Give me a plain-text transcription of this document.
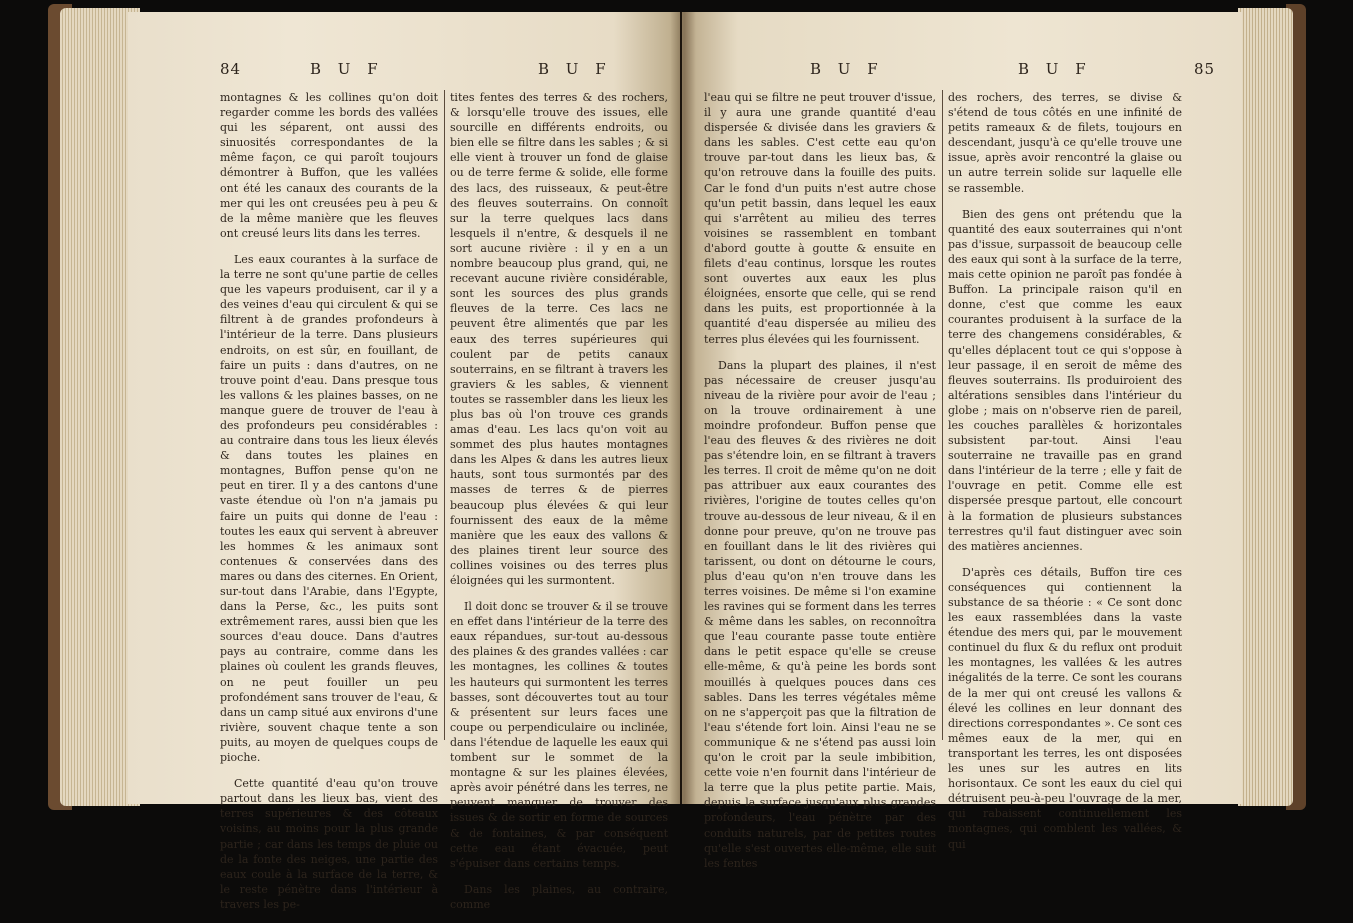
84	B U F	B U F

montagnes & les collines qu'on doit regarder comme les bords des vallées qui les séparent, ont aussi des sinuosités correspondantes de la même façon, ce qui paroît toujours démontrer à Buffon, que les vallées ont été les canaux des courants de la mer qui les ont creusées peu à peu & de la même manière que les fleuves ont creusé leurs lits dans les terres.

Les eaux courantes à la surface de la terre ne sont qu'une partie de celles que les vapeurs produisent, car il y a des veines d'eau qui circulent & qui se filtrent à de grandes profondeurs à l'intérieur de la terre. Dans plusieurs endroits, on est sûr, en fouillant, de faire un puits : dans d'autres, on ne trouve point d'eau. Dans presque tous les vallons & les plaines basses, on ne manque guere de trouver de l'eau à des profondeurs peu considérables : au contraire dans tous les lieux élevés & dans toutes les plaines en montagnes, Buffon pense qu'on ne peut en tirer. Il y a des cantons d'une vaste étendue où l'on n'a jamais pu faire un puits qui donne de l'eau : toutes les eaux qui servent à abreuver les hommes & les animaux sont contenues & conservées dans des mares ou dans des citernes. En Orient, sur-tout dans l'Arabie, dans l'Egypte, dans la Perse, &c., les puits sont extrêmement rares, aussi bien que les sources d'eau douce. Dans d'autres pays au contraire, comme dans les plaines où coulent les grands fleuves, on ne peut fouiller un peu profondément sans trouver de l'eau, & dans un camp situé aux environs d'une rivière, souvent chaque tente a son puits, au moyen de quelques coups de pioche.

Cette quantité d'eau qu'on trouve partout dans les lieux bas, vient des terres supérieures & des côteaux voisins, au moins pour la plus grande partie ; car dans les temps de pluie ou de la fonte des neiges, une partie des eaux coule à la surface de la terre, & le reste pénètre dans l'intérieur à travers les pe-

tites fentes des terres & des rochers, & lorsqu'elle trouve des issues, elle sourcille en différents endroits, ou bien elle se filtre dans les sables ; & si elle vient à trouver un fond de glaise ou de terre ferme & solide, elle forme des lacs, des ruisseaux, & peut-être des fleuves souterrains. On connoît sur la terre quelques lacs dans lesquels il n'entre, & desquels il ne sort aucune rivière : il y en a un nombre beaucoup plus grand, qui, ne recevant aucune rivière considérable, sont les sources des plus grands fleuves de la terre. Ces lacs ne peuvent être alimentés que par les eaux des terres supérieures qui coulent par de petits canaux souterrains, en se filtrant à travers les graviers & les sables, & viennent toutes se rassembler dans les lieux les plus bas où l'on trouve ces grands amas d'eau. Les lacs qu'on voit au sommet des plus hautes montagnes dans les Alpes & dans les autres lieux hauts, sont tous surmontés par des masses de terres & de pierres beaucoup plus élevées & qui leur fournissent des eaux de la même manière que les eaux des vallons & des plaines tirent leur source des collines voisines ou des terres plus éloignées qui les surmontent.

Il doit donc se trouver & il se trouve en effet dans l'intérieur de la terre des eaux répandues, sur-tout au-dessous des plaines & des grandes vallées : car les montagnes, les collines & toutes les hauteurs qui surmontent les terres basses, sont découvertes tout au tour & présentent sur leurs faces une coupe ou perpendiculaire ou inclinée, dans l'étendue de laquelle les eaux qui tombent sur le sommet de la montagne & sur les plaines élevées, après avoir pénétré dans les terres, ne peuvent manquer de trouver des issues & de sortir en forme de sources & de fontaines, & par conséquent cette eau étant évacuée, peut s'épuiser dans certains temps.

Dans les plaines, au contraire, comme

B U F	B U F	85

l'eau qui se filtre ne peut trouver d'issue, il y aura une grande quantité d'eau dispersée & divisée dans les graviers & dans les sables. C'est cette eau qu'on trouve par-tout dans les lieux bas, & qu'on retrouve dans la fouille des puits. Car le fond d'un puits n'est autre chose qu'un petit bassin, dans lequel les eaux qui s'arrêtent au milieu des terres voisines se rassemblent en tombant d'abord goutte à goutte & ensuite en filets d'eau continus, lorsque les routes sont ouvertes aux eaux les plus éloignées, ensorte que celle, qui se rend dans les puits, est proportionnée à la quantité d'eau dispersée au milieu des terres plus élevées qui les fournissent.

Dans la plupart des plaines, il n'est pas nécessaire de creuser jusqu'au niveau de la rivière pour avoir de l'eau ; on la trouve ordinairement à une moindre profondeur. Buffon pense que l'eau des fleuves & des rivières ne doit pas s'étendre loin, en se filtrant à travers les terres. Il croit de même qu'on ne doit pas attribuer aux eaux courantes des rivières, l'origine de toutes celles qu'on trouve au-dessous de leur niveau, & il en donne pour preuve, qu'on ne trouve pas en fouillant dans le lit des rivières qui tarissent, ou dont on détourne le cours, plus d'eau qu'on n'en trouve dans les terres voisines. De même si l'on examine les ravines qui se forment dans les terres & même dans les sables, on reconnoîtra que l'eau courante passe toute entière dans le petit espace qu'elle se creuse elle-même, & qu'à peine les bords sont mouillés à quelques pouces dans ces sables. Dans les terres végétales même on ne s'apperçoit pas que la filtration de l'eau s'étende fort loin. Ainsi l'eau ne se communique & ne s'étend pas aussi loin qu'on le croit par la seule imbibition, cette voie n'en fournit dans l'intérieur de la terre que la plus petite partie. Mais, depuis la surface jusqu'aux plus grandes profondeurs, l'eau pénètre par des conduits naturels, par de petites routes qu'elle s'est ouvertes elle-même, elle suit les fentes

des rochers, des terres, se divise & s'étend de tous côtés en une infinité de petits rameaux & de filets, toujours en descendant, jusqu'à ce qu'elle trouve une issue, après avoir rencontré la glaise ou un autre terrein solide sur laquelle elle se rassemble.

Bien des gens ont prétendu que la quantité des eaux souterraines qui n'ont pas d'issue, surpassoit de beaucoup celle des eaux qui sont à la surface de la terre, mais cette opinion ne paroît pas fondée à Buffon. La principale raison qu'il en donne, c'est que comme les eaux courantes produisent à la surface de la terre des changemens considérables, & qu'elles déplacent tout ce qui s'oppose à leur passage, il en seroit de même des fleuves souterrains. Ils produiroient des altérations sensibles dans l'intérieur du globe ; mais on n'observe rien de pareil, les couches parallèles & horizontales subsistent par-tout. Ainsi l'eau souterraine ne travaille pas en grand dans l'intérieur de la terre ; elle y fait de l'ouvrage en petit. Comme elle est dispersée presque partout, elle concourt à la formation de plusieurs substances terrestres qu'il faut distinguer avec soin des matières anciennes.

D'après ces détails, Buffon tire ces conséquences qui contiennent la substance de sa théorie : « Ce sont donc les eaux rassemblées dans la vaste étendue des mers qui, par le mouvement continuel du flux & du reflux ont produit les montagnes, les vallées & les autres inégalités de la terre. Ce sont les courans de la mer qui ont creusé les vallons & élevé les collines en leur donnant des directions correspondantes ». Ce sont ces mêmes eaux de la mer, qui en transportant les terres, les ont disposées les unes sur les autres en lits horisontaux. Ce sont les eaux du ciel qui détruisent peu-à-peu l'ouvrage de la mer, qui rabaissent continuellement les montagnes, qui comblent les vallées, & qui
